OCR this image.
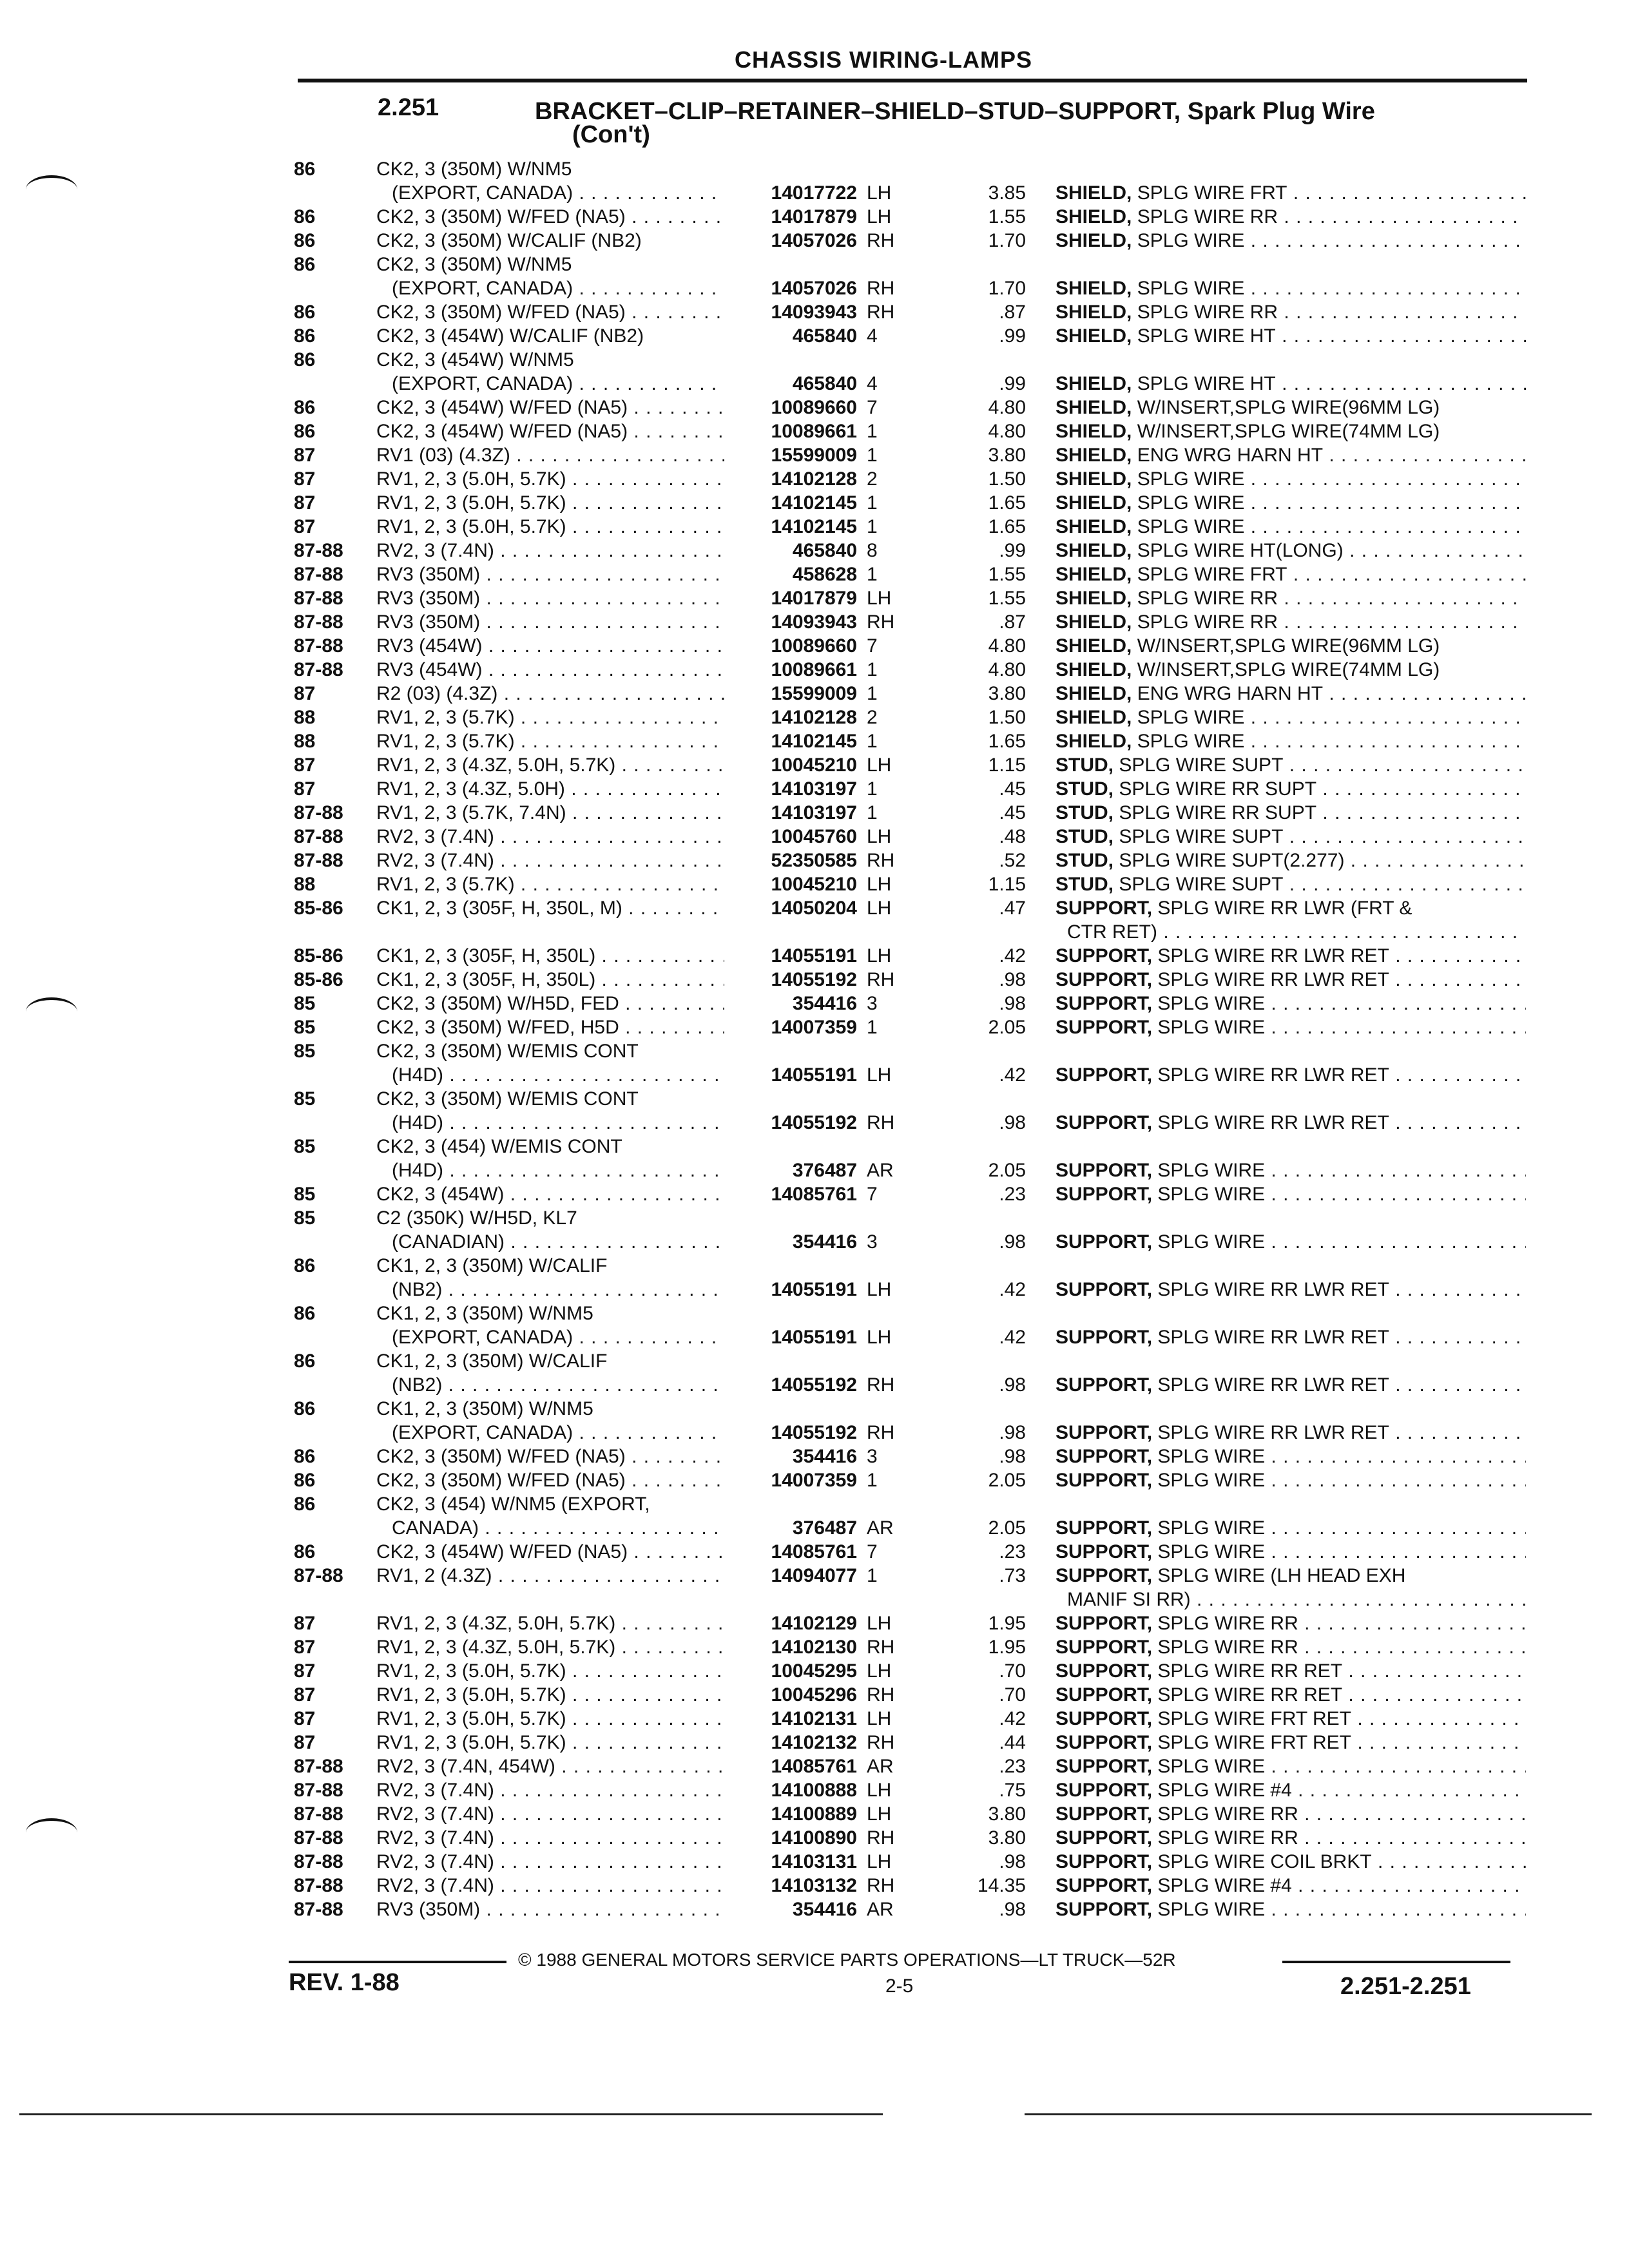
CHASSIS WIRING-LAMPS
2.251	BRACKET–CLIP–RETAINER–SHIELD–STUD–SUPPORT, Spark Plug Wire
(Con't)
86	CK2, 3 (350M) W/NM5
(EXPORT, CANADA) . . .	14017722 LH	3.85 SHIELD, SPLG WIRE FRT . . .
86	CK2, 3 (350M) W/FED (NA5) . . .	14017879 LH	1.55 SHIELD, SPLG WIRE RR . . .
86	CK2, 3 (350M) W/CALIF (NB2)	14057026 RH	1.70 SHIELD, SPLG WIRE . . .
86	CK2, 3 (350M) W/NM5
(EXPORT, CANADA) . . .	14057026 RH	1.70 SHIELD, SPLG WIRE . . .
86	CK2, 3 (350M) W/FED (NA5) . . .	14093943 RH	.87 SHIELD, SPLG WIRE RR . . .
86	CK2, 3 (454W) W/CALIF (NB2)	465840 4	.99 SHIELD, SPLG WIRE HT . . .
86	CK2, 3 (454W) W/NM5
(EXPORT, CANADA) . . .	465840 4	.99 SHIELD, SPLG WIRE HT . . .
86	CK2, 3 (454W) W/FED (NA5) . . .	10089660 7	4.80 SHIELD, W/INSERT,SPLG WIRE(96MM LG)
86	CK2, 3 (454W) W/FED (NA5) . . .	10089661 1	4.80 SHIELD, W/INSERT,SPLG WIRE(74MM LG)
87	RV1 (03) (4.3Z) . . .	15599009 1	3.80 SHIELD, ENG WRG HARN HT . . .
87	RV1, 2, 3 (5.0H, 5.7K) . . .	14102128 2	1.50 SHIELD, SPLG WIRE . . .
87	RV1, 2, 3 (5.0H, 5.7K) . . .	14102145 1	1.65 SHIELD, SPLG WIRE . . .
87	RV1, 2, 3 (5.0H, 5.7K) . . .	14102145 1	1.65 SHIELD, SPLG WIRE . . .
87-88 RV2, 3 (7.4N) . . .	465840 8	.99 SHIELD, SPLG WIRE HT(LONG) . . .
87-88 RV3 (350M) . . .	458628 1	1.55 SHIELD, SPLG WIRE FRT . . .
87-88 RV3 (350M) . . .	14017879 LH	1.55 SHIELD, SPLG WIRE RR . . .
87-88 RV3 (350M) . . .	14093943 RH	.87 SHIELD, SPLG WIRE RR . . .
87-88 RV3 (454W) . . .	10089660 7	4.80 SHIELD, W/INSERT,SPLG WIRE(96MM LG)
87-88 RV3 (454W) . . .	10089661 1	4.80 SHIELD, W/INSERT,SPLG WIRE(74MM LG)
87	R2 (03) (4.3Z) . . .	15599009 1	3.80 SHIELD, ENG WRG HARN HT . . .
88	RV1, 2, 3 (5.7K) . . .	14102128 2	1.50 SHIELD, SPLG WIRE . . .
88	RV1, 2, 3 (5.7K) . . .	14102145 1	1.65 SHIELD, SPLG WIRE . . .
87	RV1, 2, 3 (4.3Z, 5.0H, 5.7K) . . .	10045210 LH	1.15 STUD, SPLG WIRE SUPT . . .
87	RV1, 2, 3 (4.3Z, 5.0H) . . .	14103197 1	.45 STUD, SPLG WIRE RR SUPT . . .
87-88 RV1, 2, 3 (5.7K, 7.4N) . . .	14103197 1	.45 STUD, SPLG WIRE RR SUPT . . .
87-88 RV2, 3 (7.4N) . . .	10045760 LH	.48 STUD, SPLG WIRE SUPT . . .
87-88 RV2, 3 (7.4N) . . .	52350585 RH	.52 STUD, SPLG WIRE SUPT(2.277) . . .
88	RV1, 2, 3 (5.7K) . . .	10045210 LH	1.15 STUD, SPLG WIRE SUPT . . .
85-86 CK1, 2, 3 (305F, H, 350L, M) . . .	14050204 LH	.47 SUPPORT, SPLG WIRE RR LWR (FRT &
CTR RET) . . .
85-86 CK1, 2, 3 (305F, H, 350L) . . .	14055191 LH	.42 SUPPORT, SPLG WIRE RR LWR RET . . .
85-86 CK1, 2, 3 (305F, H, 350L) . . .	14055192 RH	.98 SUPPORT, SPLG WIRE RR LWR RET . . .
85	CK2, 3 (350M) W/H5D, FED . . .	354416 3	.98 SUPPORT, SPLG WIRE . . .
85	CK2, 3 (350M) W/FED, H5D . . .	14007359 1	2.05 SUPPORT, SPLG WIRE . . .
85	CK2, 3 (350M) W/EMIS CONT
(H4D) . . .	14055191 LH	.42 SUPPORT, SPLG WIRE RR LWR RET . . .
85	CK2, 3 (350M) W/EMIS CONT
(H4D) . . .	14055192 RH	.98 SUPPORT, SPLG WIRE RR LWR RET . . .
85	CK2, 3 (454) W/EMIS CONT
(H4D) . . .	376487 AR	2.05 SUPPORT, SPLG WIRE . . .
85	CK2, 3 (454W) . . .	14085761 7	.23 SUPPORT, SPLG WIRE . . .
85	C2 (350K) W/H5D, KL7
(CANADIAN) . . .	354416 3	.98 SUPPORT, SPLG WIRE . . .
86	CK1, 2, 3 (350M) W/CALIF
(NB2) . . .	14055191 LH	.42 SUPPORT, SPLG WIRE RR LWR RET . . .
86	CK1, 2, 3 (350M) W/NM5
(EXPORT, CANADA) . . .	14055191 LH	.42 SUPPORT, SPLG WIRE RR LWR RET . . .
86	CK1, 2, 3 (350M) W/CALIF
(NB2) . . .	14055192 RH	.98 SUPPORT, SPLG WIRE RR LWR RET . . .
86	CK1, 2, 3 (350M) W/NM5
(EXPORT, CANADA) . . .	14055192 RH	.98 SUPPORT, SPLG WIRE RR LWR RET . . .
86	CK2, 3 (350M) W/FED (NA5) . . .	354416 3	.98 SUPPORT, SPLG WIRE . . .
86	CK2, 3 (350M) W/FED (NA5) . . .	14007359 1	2.05 SUPPORT, SPLG WIRE . . .
86	CK2, 3 (454) W/NM5 (EXPORT,
CANADA) . . .	376487 AR	2.05 SUPPORT, SPLG WIRE . . .
86	CK2, 3 (454W) W/FED (NA5) . . .	14085761 7	.23 SUPPORT, SPLG WIRE . . .
87-88 RV1, 2 (4.3Z) . . .	14094077 1	.73 SUPPORT, SPLG WIRE (LH HEAD EXH
MANIF SI RR) . . .
87	RV1, 2, 3 (4.3Z, 5.0H, 5.7K) . . .	14102129 LH	1.95 SUPPORT, SPLG WIRE RR . . .
87	RV1, 2, 3 (4.3Z, 5.0H, 5.7K) . . .	14102130 RH	1.95 SUPPORT, SPLG WIRE RR . . .
87	RV1, 2, 3 (5.0H, 5.7K) . . .	10045295 LH	.70 SUPPORT, SPLG WIRE RR RET . . .
87	RV1, 2, 3 (5.0H, 5.7K) . . .	10045296 RH	.70 SUPPORT, SPLG WIRE RR RET . . .
87	RV1, 2, 3 (5.0H, 5.7K) . . .	14102131 LH	.42 SUPPORT, SPLG WIRE FRT RET . . .
87	RV1, 2, 3 (5.0H, 5.7K) . . .	14102132 RH	.44 SUPPORT, SPLG WIRE FRT RET . . .
87-88 RV2, 3 (7.4N, 454W) . . .	14085761 AR	.23 SUPPORT, SPLG WIRE . . .
87-88 RV2, 3 (7.4N) . . .	14100888 LH	.75 SUPPORT, SPLG WIRE #4 . . .
87-88 RV2, 3 (7.4N) . . .	14100889 LH	3.80 SUPPORT, SPLG WIRE RR . . .
87-88 RV2, 3 (7.4N) . . .	14100890 RH	3.80 SUPPORT, SPLG WIRE RR . . .
87-88 RV2, 3 (7.4N) . . .	14103131 LH	.98 SUPPORT, SPLG WIRE COIL BRKT . . .
87-88 RV2, 3 (7.4N) . . .	14103132 RH	14.35 SUPPORT, SPLG WIRE #4 . . .
87-88 RV3 (350M) . . .	354416 AR	.98 SUPPORT, SPLG WIRE . . .
© 1988 GENERAL MOTORS SERVICE PARTS OPERATIONS—LT TRUCK—52R
REV. 1-88	2-5	2.251-2.251
